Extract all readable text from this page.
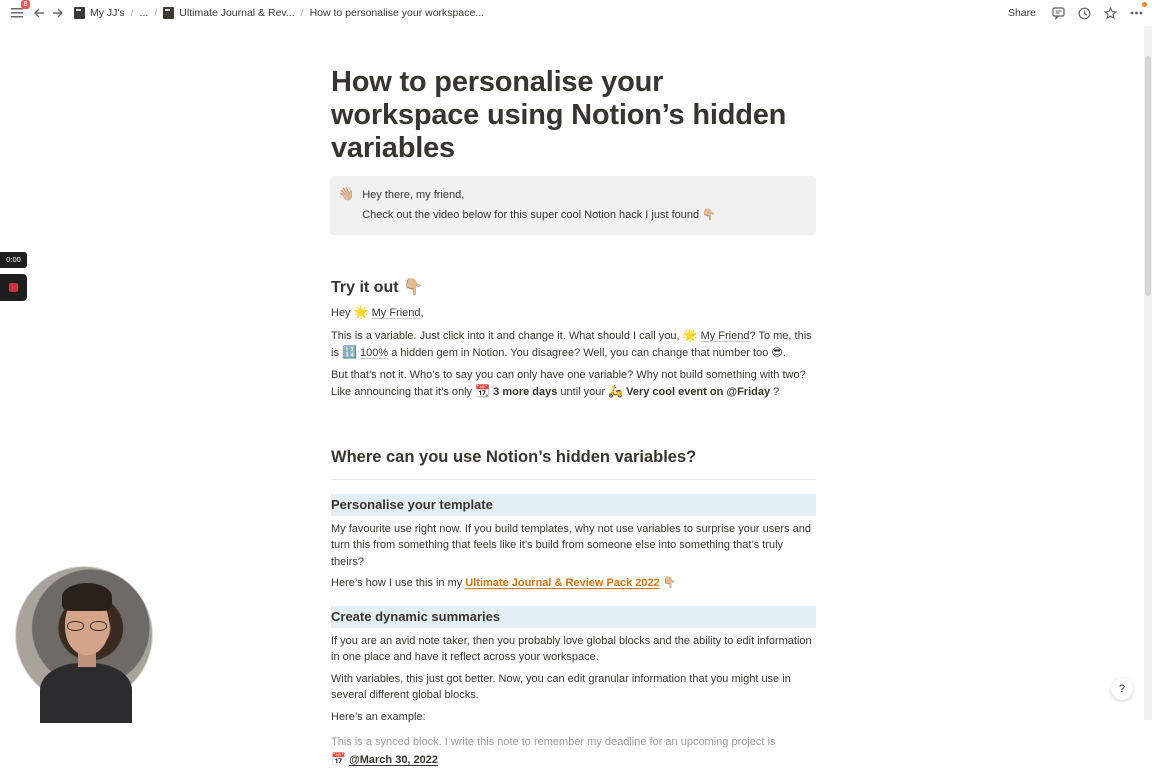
8
My JJ's / ... / Ultimate Journal & Rev... / How to personalise your workspace...	Share
How to personalise your workspace using Notion’s hidden variables
👋🏼 Hey there, my friend,
Check out the video below for this super cool Notion hack I just found 👇🏼
Try it out 👇🏼
Hey 🌟 My Friend,
This is a variable. Just click into it and change it. What should I call you, 🌟 My Friend? To me, this is 🔢 100% a hidden gem in Notion. You disagree? Well, you can change that number too 😎.
But that’s not it. Who’s to say you can only have one variable? Why not build something with two? Like announcing that it’s only 📆 3 more days until your 🛵 Very cool event on @Friday ?
Where can you use Notion’s hidden variables?
Personalise your template
My favourite use right now. If you build templates, why not use variables to surprise your users and turn this from something that feels like it’s build from someone else into something that’s truly theirs?
Here’s how I use this in my Ultimate Journal & Review Pack 2022 👇🏼
Create dynamic summaries
If you are an avid note taker, then you probably love global blocks and the ability to edit information in one place and have it reflect across your workspace.
With variables, this just got better. Now, you can edit granular information that you might use in several different global blocks.
Here’s an example:
This is a synced block. I write this note to remember my deadline for an upcoming project is
📅 @March 30, 2022
0:00
?
